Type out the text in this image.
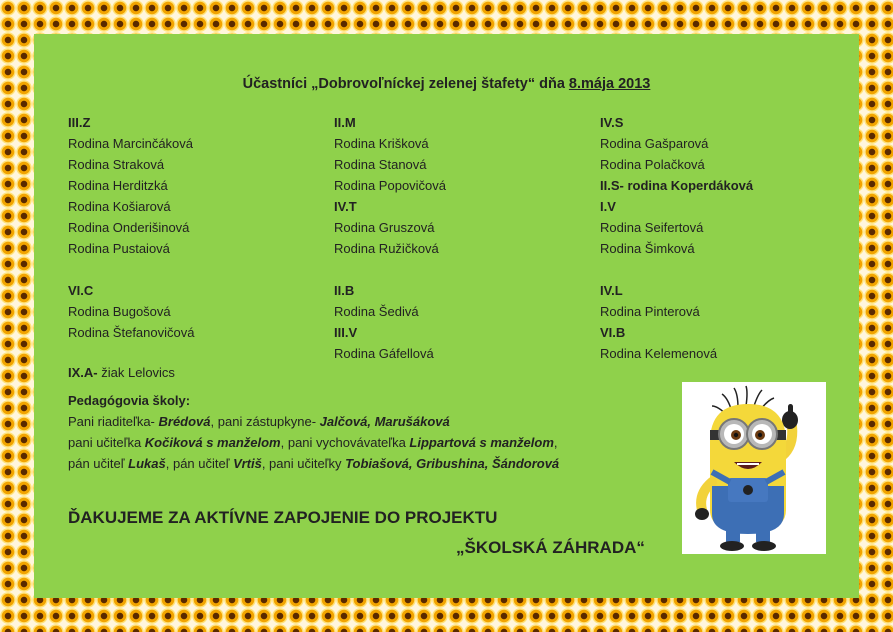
Účastníci „Dobrovoľníckej zelenej štafety“ dňa 8.mája 2013
III.Z
Rodina Marcinčáková
Rodina Straková
Rodina Herditzká
Rodina Košiarová
Rodina Onderišinová
Rodina Pustaiová
VI.C
Rodina Bugošová
Rodina Štefanovičová
II.M
Rodina Krišková
Rodina Stanová
Rodina Popovičová
IV.T
Rodina Gruszová
Rodina Ružičková
II.B
Rodina Šedivá
III.V
Rodina Gáfellová
IV.S
Rodina Gašparová
Rodina Polačková
II.S- rodina Koperdáková
I.V
Rodina Seifertová
Rodina Šimková
IV.L
Rodina Pinterová
VI.B
Rodina Kelemenová
IX.A- žiak Lelovics
Pedagógovia školy:
Pani riaditeľka- Brédová, pani zástupkyne- Jalčová, Marušáková
pani učiteľka Kočiková s manželom, pani vychovávateľka Lippartová s manželom,
pán učiteľ Lukaš, pán učiteľ Vrtiš, pani učiteľky Tobiašová, Gribushina, Šándorová
ĎAKUJEME ZA AKTÍVNE ZAPOJENIE DO PROJEKTU
„ŠKOLSKÁ ZÁHRADA“
